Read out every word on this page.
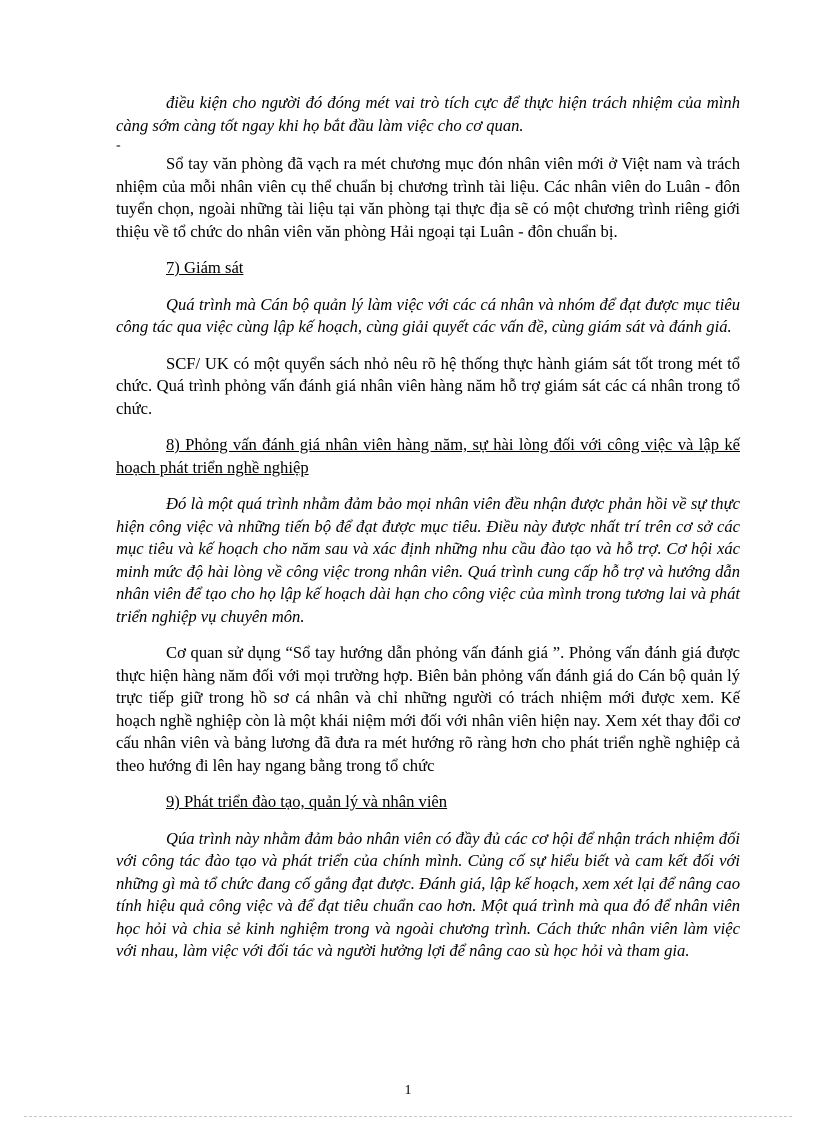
điều kiện cho người đó đóng mét vai trò tích cực để thực hiện trách nhiệm của mình càng sớm càng tốt ngay khi họ bắt đầu làm việc cho cơ quan.

-

Sổ tay văn phòng đã vạch ra mét chương mục đón nhân viên mới ở Việt nam và trách nhiệm của mỗi nhân viên cụ thể chuẩn bị chương trình tài liệu. Các nhân viên do Luân - đôn tuyển chọn, ngoài những tài liệu tại văn phòng tại thực địa sẽ có một chương trình riêng giới thiệu về tổ chức do nhân viên văn phòng Hải ngoại tại Luân - đôn chuẩn bị.

7) Giám sát

Quá trình mà Cán bộ quản lý làm việc với các cá nhân và nhóm để đạt được mục tiêu công tác qua việc cùng lập kế hoạch, cùng giải quyết các vấn đề, cùng giám sát và đánh giá.

SCF/ UK có một quyển sách nhỏ nêu rõ hệ thống thực hành giám sát tốt trong mét tổ chức. Quá trình phỏng vấn đánh giá nhân viên hàng năm hỗ trợ giám sát các cá nhân trong tổ chức.

8) Phỏng vấn đánh giá nhân viên hàng năm, sự hài lòng đối với công việc và lập kế hoạch phát triển nghề nghiệp

Đó là một quá trình nhằm đảm bảo mọi nhân viên đều nhận được phản hồi về sự thực hiện công việc và những tiến bộ để đạt được mục tiêu. Điều này được nhất trí trên cơ sở các mục tiêu và kế hoạch cho năm sau và xác định những nhu cầu đào tạo và hỗ trợ. Cơ hội xác minh mức độ hài lòng về công việc trong nhân viên. Quá trình cung cấp hỗ trợ và hướng dẫn nhân viên để tạo cho họ lập kế hoạch dài hạn cho công việc của mình trong tương lai và phát triển nghiệp vụ chuyên môn.

Cơ quan sử dụng “Sổ tay hướng dẫn phỏng vấn đánh giá ”. Phỏng vấn đánh giá được thực hiện hàng năm đối với mọi trường hợp. Biên bản phỏng vấn đánh giá do Cán bộ quản lý trực tiếp giữ trong hồ sơ cá nhân và chỉ những người có trách nhiệm mới được xem. Kế hoạch nghề nghiệp còn là một khái niệm mới đối với nhân viên hiện nay. Xem xét thay đổi cơ cấu nhân viên và bảng lương đã đưa ra mét hướng rõ ràng hơn cho phát triển nghề nghiệp cả theo hướng đi lên hay ngang bằng trong tổ chức

9) Phát triển đào tạo, quản lý và nhân viên

Qúa trình này nhằm đảm bảo nhân viên có đầy đủ các cơ hội để nhận trách nhiệm đối với công tác đào tạo và phát triển của chính mình. Củng cố sự hiểu biết và cam kết đối với những gì mà tổ chức đang cố gắng đạt được. Đánh giá, lập kế hoạch, xem xét lại để nâng cao tính hiệu quả công việc và để đạt tiêu chuẩn cao hơn. Một quá trình mà qua đó để nhân viên học hỏi và chia sẻ kinh nghiệm trong và ngoài chương trình. Cách thức nhân viên làm việc với nhau, làm việc với đối tác và người hưởng lợi để nâng cao sù học hỏi và tham gia.

1
